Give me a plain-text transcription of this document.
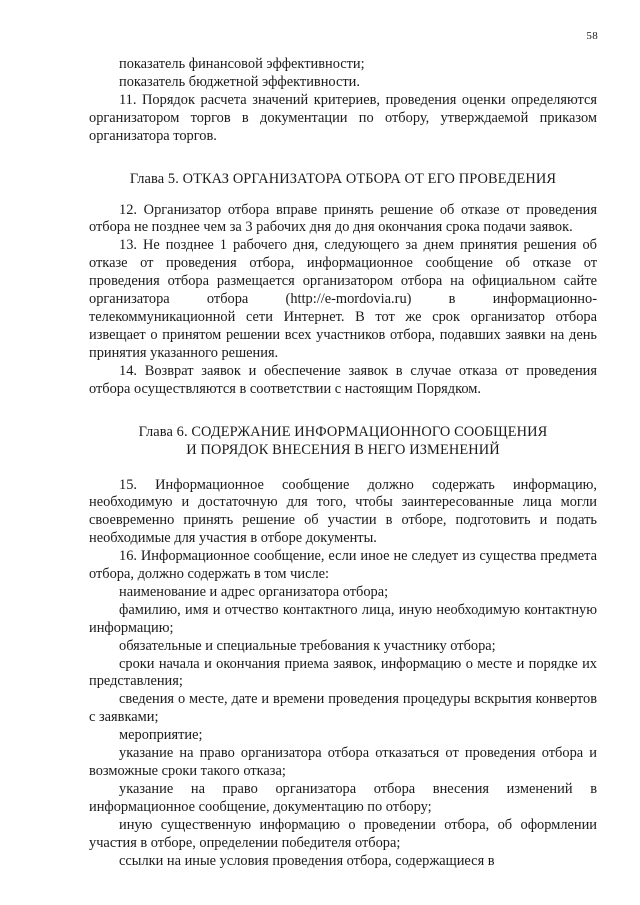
58

показатель финансовой эффективности;

показатель бюджетной эффективности.

11. Порядок расчета значений критериев, проведения оценки определяются организатором торгов в документации по отбору, утверждаемой приказом организатора торгов.

Глава 5. ОТКАЗ ОРГАНИЗАТОРА ОТБОРА ОТ ЕГО ПРОВЕДЕНИЯ

12. Организатор отбора вправе принять решение об отказе от проведения отбора не позднее чем за 3 рабочих дня до дня окончания срока подачи заявок.

13. Не позднее 1 рабочего дня, следующего за днем принятия решения об отказе от проведения отбора, информационное сообщение об отказе от проведения отбора размещается организатором отбора на официальном сайте организатора отбора (http://e-mordovia.ru) в информационно-телекоммуникационной сети Интернет. В тот же срок организатор отбора извещает о принятом решении всех участников отбора, подавших заявки на день принятия указанного решения.

14. Возврат заявок и обеспечение заявок в случае отказа от проведения отбора осуществляются в соответствии с настоящим Порядком.

Глава 6. СОДЕРЖАНИЕ ИНФОРМАЦИОННОГО СООБЩЕНИЯ

И ПОРЯДОК ВНЕСЕНИЯ В НЕГО ИЗМЕНЕНИЙ

15. Информационное сообщение должно содержать информацию, необходимую и достаточную для того, чтобы заинтересованные лица могли своевременно принять решение об участии в отборе, подготовить и подать необходимые для участия в отборе документы.

16. Информационное сообщение, если иное не следует из существа предмета отбора, должно содержать в том числе:

наименование и адрес организатора отбора;

фамилию, имя и отчество контактного лица, иную необходимую контактную информацию;

обязательные и специальные требования к участнику отбора;

сроки начала и окончания приема заявок, информацию о месте и порядке их представления;

сведения о месте, дате и времени проведения процедуры вскрытия конвертов с заявками;

мероприятие;

указание на право организатора отбора отказаться от проведения отбора и возможные сроки такого отказа;

указание на право организатора отбора внесения изменений в информационное сообщение, документацию по отбору;

иную существенную информацию о проведении отбора, об оформлении участия в отборе, определении победителя отбора;

ссылки на иные условия проведения отбора, содержащиеся в
